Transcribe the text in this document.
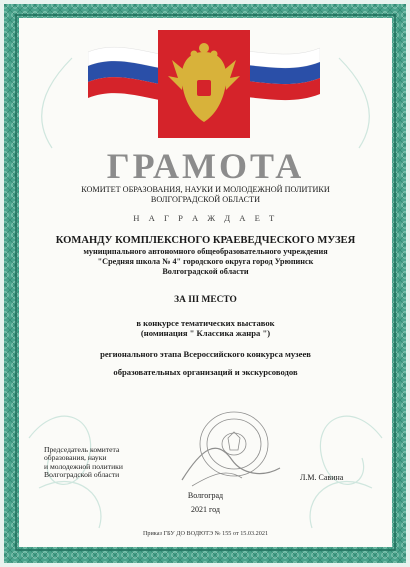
ГРАМОТА
КОМИТЕТ ОБРАЗОВАНИЯ, НАУКИ И МОЛОДЕЖНОЙ ПОЛИТИКИ
ВОЛГОГРАДСКОЙ ОБЛАСТИ
Н А Г Р А Ж Д А Е Т
КОМАНДУ КОМПЛЕКСНОГО КРАЕВЕДЧЕСКОГО МУЗЕЯ
муниципального автономного общеобразовательного учреждения
"Средняя школа № 4" городского округа город Урюпинск
Волгоградской области
ЗА III МЕСТО
в конкурсе тематических выставок
(номинация " Классика жанра ")
регионального этапа Всероссийского конкурса музеев
образовательных организаций и экскурсоводов
Председатель комитета
образования, науки
и молодежной политики
Волгоградской области	Л.М. Савина
Волгоград
2021 год
Приказ ГБУ ДО ВОДЮТЭ № 155 от 15.03.2021
